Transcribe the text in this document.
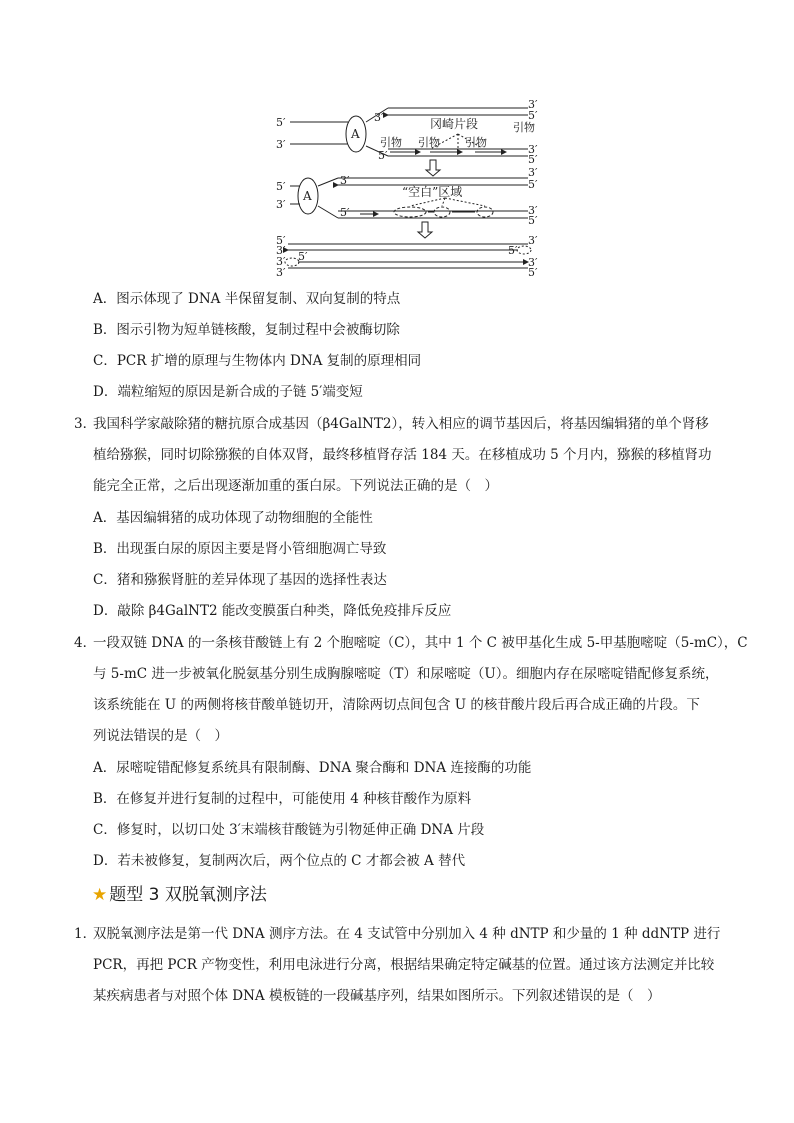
5′
3′
A
3′
3′
5′
冈崎片段	引物
引物 引物 引物
5′	3′
5′
5′
3′
A
3′
3′
5′
“空白”区域
5′	3′
5′
5′
3′	5′
3′
3′ 5′
3′
3′
5′
A．图示体现了 DNA 半保留复制、双向复制的特点
B．图示引物为短单链核酸，复制过程中会被酶切除
C．PCR 扩增的原理与生物体内 DNA 复制的原理相同
D．端粒缩短的原因是新合成的子链 5′端变短
3．
我国科学家敲除猪的糖抗原合成基因（β4GalNT2），转入相应的调节基因后，将基因编辑猪的单个肾移
植给猕猴，同时切除猕猴的自体双肾，最终移植肾存活 184 天。在移植成功 5 个月内，猕猴的移植肾功
能完全正常，之后出现逐渐加重的蛋白尿。下列说法正确的是（　）
A．基因编辑猪的成功体现了动物细胞的全能性
B．出现蛋白尿的原因主要是肾小管细胞凋亡导致
C．猪和猕猴肾脏的差异体现了基因的选择性表达
D．敲除 β4GalNT2 能改变膜蛋白种类，降低免疫排斥反应
4．
一段双链 DNA 的一条核苷酸链上有 2 个胞嘧啶（C），其中 1 个 C 被甲基化生成 5-甲基胞嘧啶（5-mC），C
与 5-mC 进一步被氧化脱氨基分别生成胸腺嘧啶（T）和尿嘧啶（U）。细胞内存在尿嘧啶错配修复系统，
该系统能在 U 的两侧将核苷酸单链切开，清除两切点间包含 U 的核苷酸片段后再合成正确的片段。下
列说法错误的是（　）
A．尿嘧啶错配修复系统具有限制酶、DNA 聚合酶和 DNA 连接酶的功能
B．在修复并进行复制的过程中，可能使用 4 种核苷酸作为原料
C．修复时，以切口处 3′末端核苷酸链为引物延伸正确 DNA 片段
D．若未被修复，复制两次后，两个位点的 C 才都会被 A 替代
★ 题型 3 双脱氧测序法
1．
双脱氧测序法是第一代 DNA 测序方法。在 4 支试管中分别加入 4 种 dNTP 和少量的 1 种 ddNTP 进行
PCR，再把 PCR 产物变性，利用电泳进行分离，根据结果确定特定碱基的位置。通过该方法测定并比较
某疾病患者与对照个体 DNA 模板链的一段碱基序列，结果如图所示。下列叙述错误的是（　）
